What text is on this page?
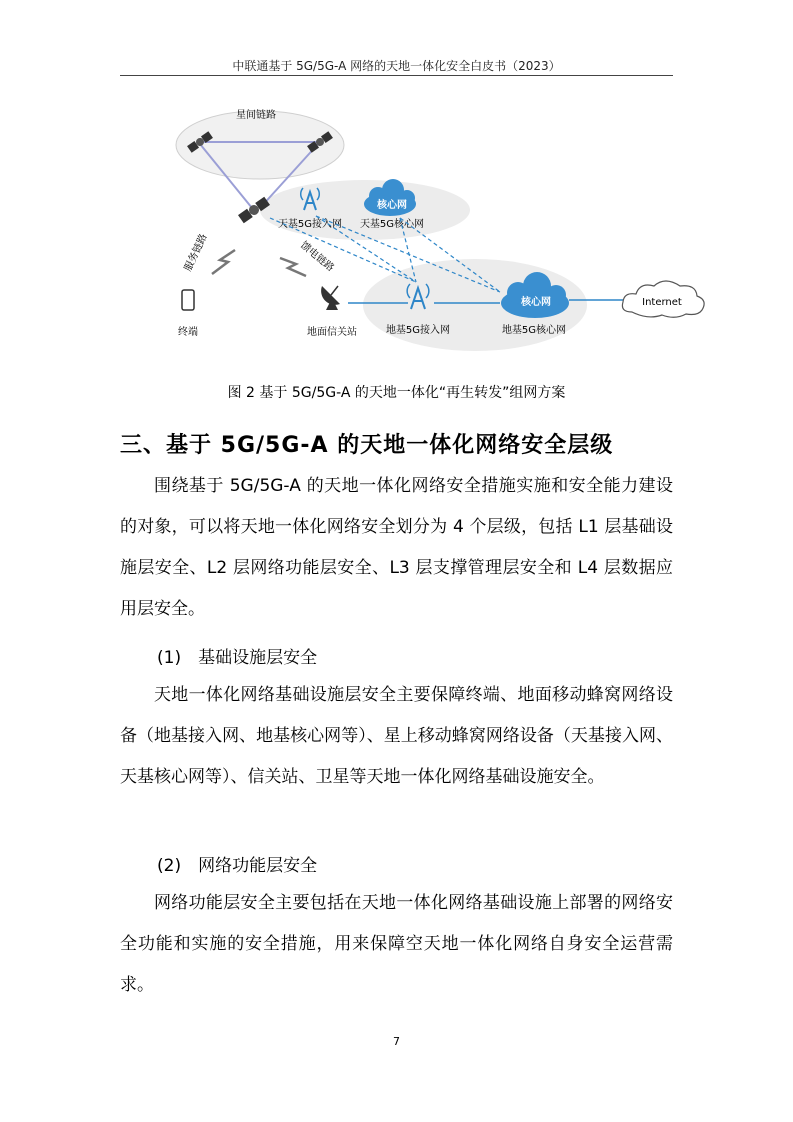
中联通基于 5G/5G-A 网络的天地一体化安全白皮书（2023）
星间链路
天基5G接入网
核心网
天基5G核心网
服务链路	馈电链路
终端	地面信关站	地基5G接入网
核心网
地基5G核心网
Internet
图 2 基于 5G/5G-A 的天地一体化“再生转发”组网方案
三、基于 5G/5G-A 的天地一体化网络安全层级
围绕基于 5G/5G-A 的天地一体化网络安全措施实施和安全能力建设的对象，可以将天地一体化网络安全划分为 4 个层级，包括 L1 层基础设施层安全、L2 层网络功能层安全、L3 层支撑管理层安全和 L4 层数据应用层安全。
(1)　基础设施层安全
天地一体化网络基础设施层安全主要保障终端、地面移动蜂窝网络设备（地基接入网、地基核心网等）、星上移动蜂窝网络设备（天基接入网、天基核心网等）、信关站、卫星等天地一体化网络基础设施安全。
(2)　网络功能层安全
网络功能层安全主要包括在天地一体化网络基础设施上部署的网络安全功能和实施的安全措施，用来保障空天地一体化网络自身安全运营需求。
7
